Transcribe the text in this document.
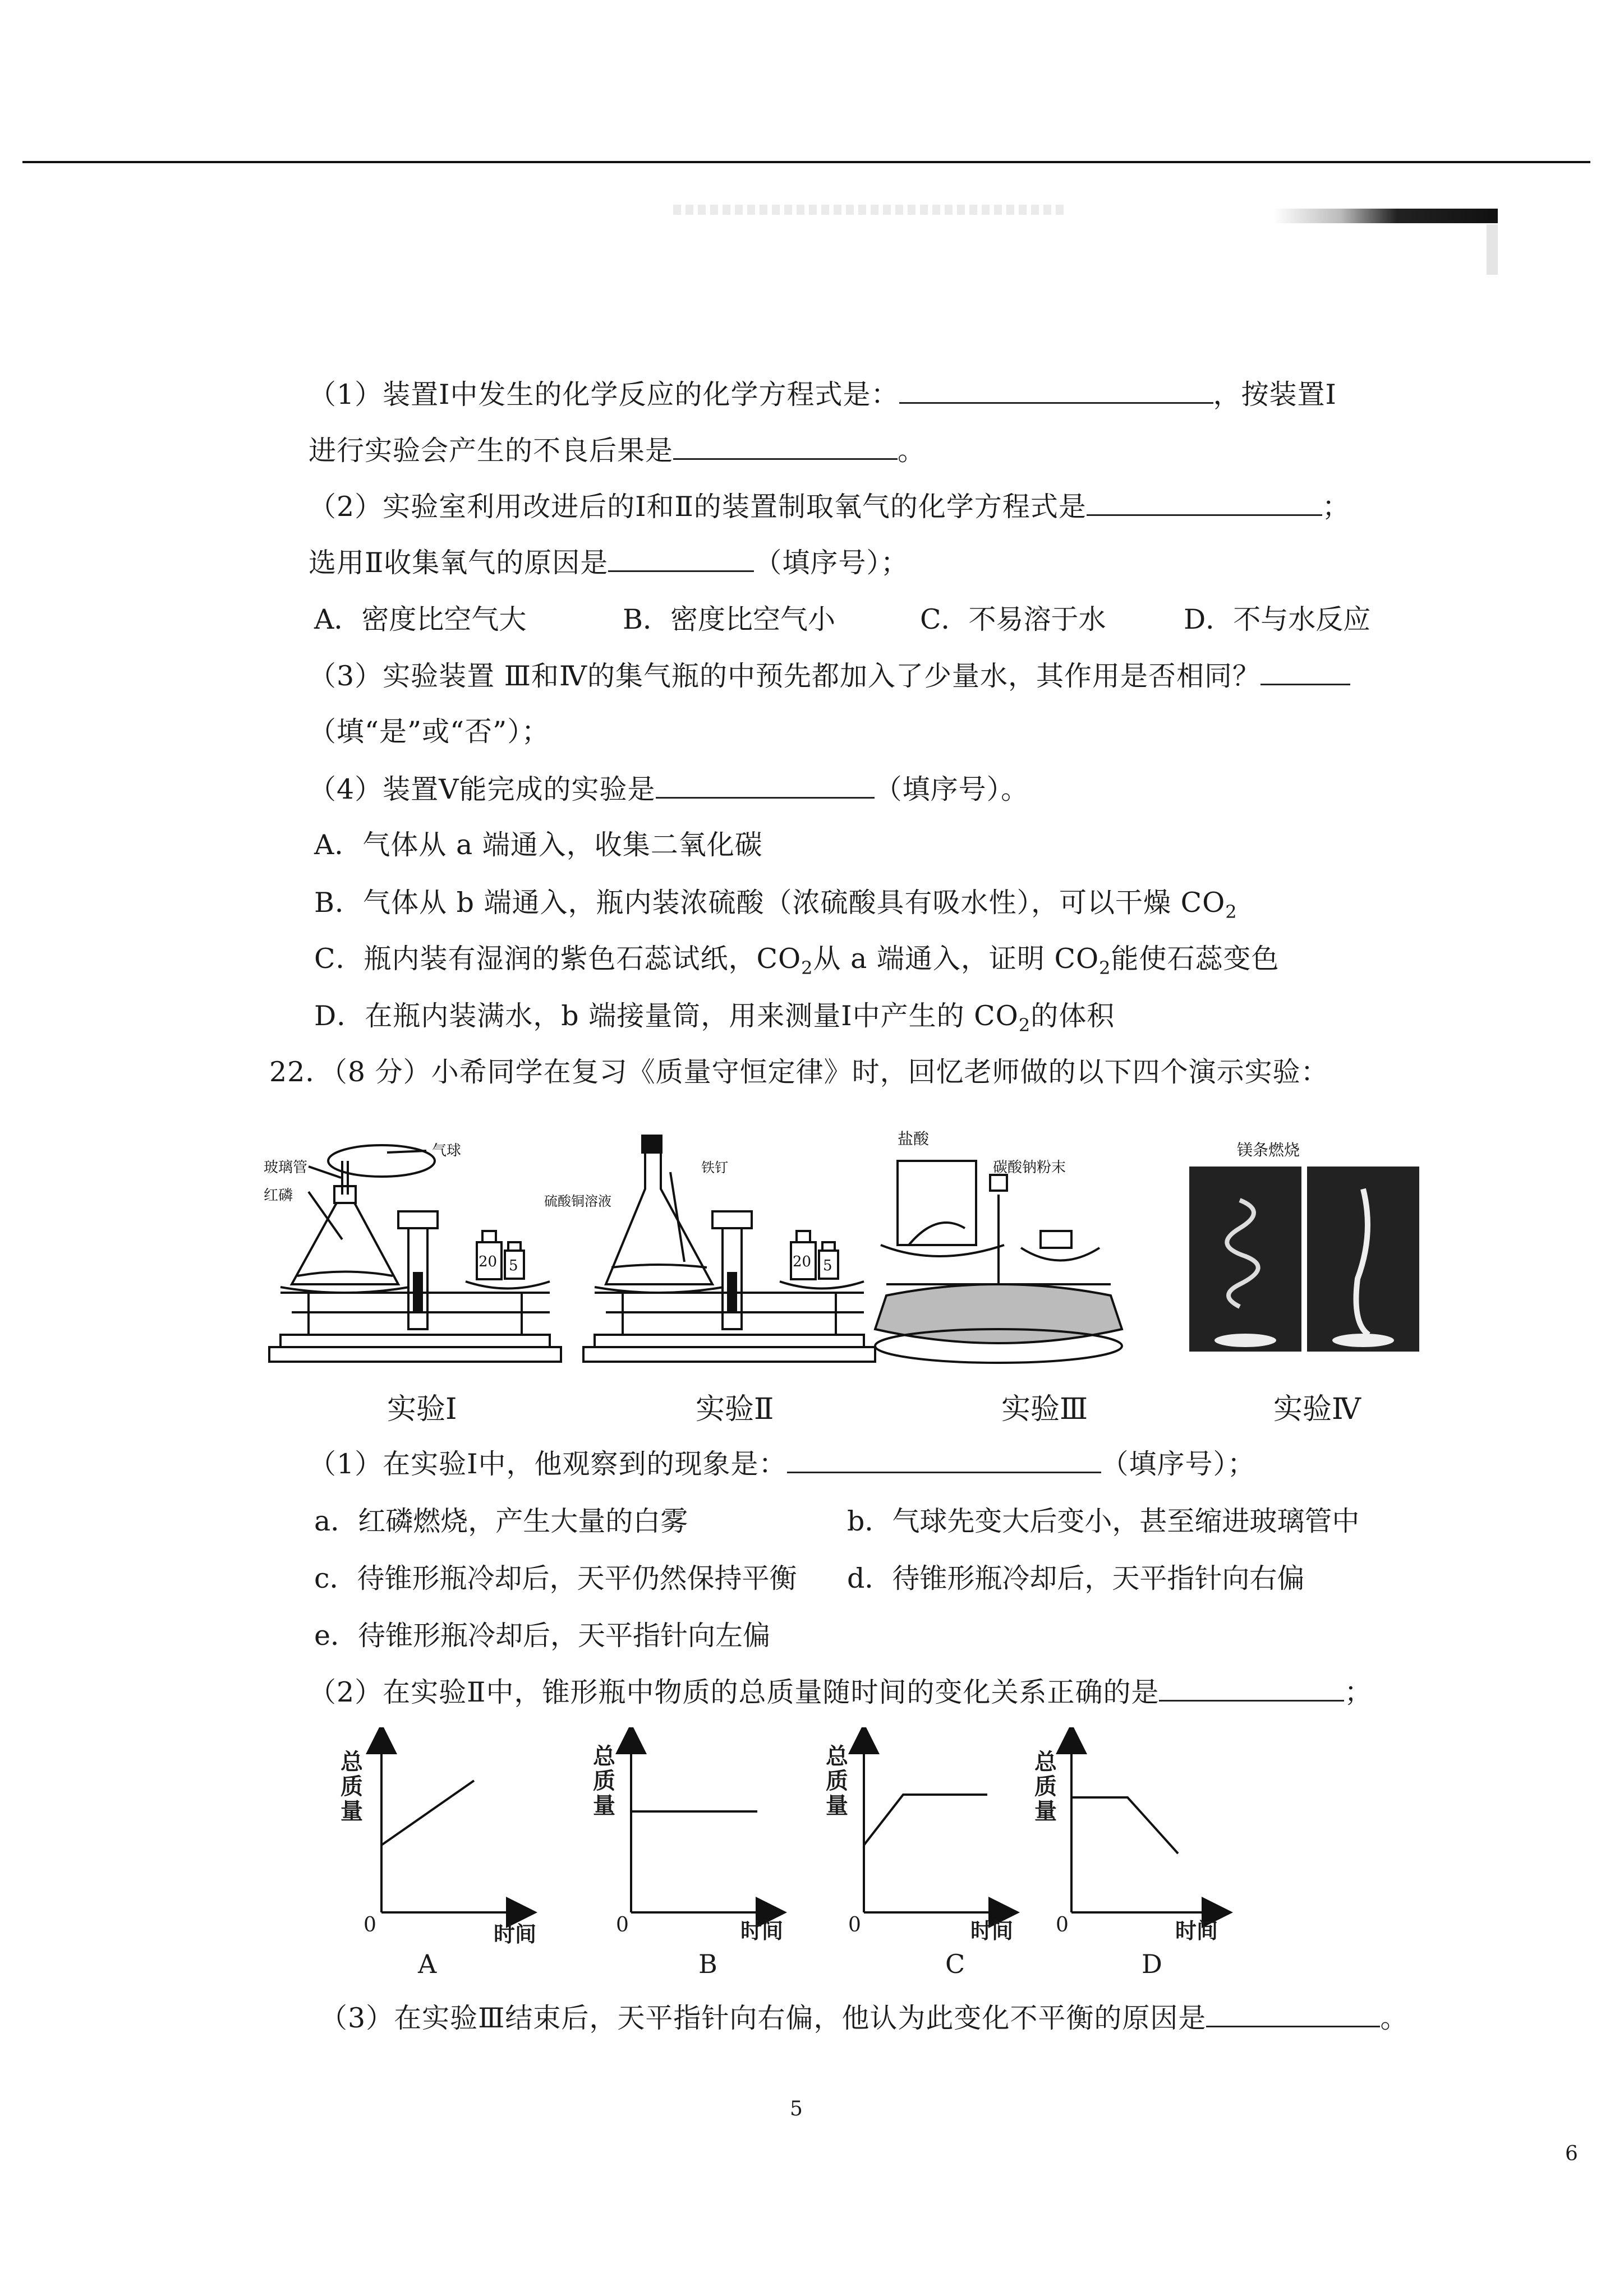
（1）装置Ⅰ中发生的化学反应的化学方程式是：	，按装置Ⅰ
进行实验会产生的不良后果是	。
（2）实验室利用改进后的Ⅰ和Ⅱ的装置制取氧气的化学方程式是	；
选用Ⅱ收集氧气的原因是	（填序号）；
A．密度比空气大	B．密度比空气小	C．不易溶于水	D．不与水反应
（3）实验装置 Ⅲ和Ⅳ的集气瓶的中预先都加入了少量水，其作用是否相同？
（填“是”或“否”）；
（4）装置Ⅴ能完成的实验是	（填序号）。
A．气体从 a 端通入，收集二氧化碳
B．气体从 b 端通入，瓶内装浓硫酸（浓硫酸具有吸水性），可以干燥 $CO_2$
C．瓶内装有湿润的紫色石蕊试纸，$CO_2$从 a 端通入，证明 $CO_2$能使石蕊变色
D．在瓶内装满水，b 端接量筒，用来测量Ⅰ中产生的 $CO_2$的体积
22．（8 分）小希同学在复习《质量守恒定律》时，回忆老师做的以下四个演示实验：
玻璃管
红磷
气球
20 5
硫酸铜溶液
铁钉
20 5
盐酸
碳酸钠粉末
镁条燃烧
实验Ⅰ	实验Ⅱ	实验Ⅲ	实验Ⅳ
（1）在实验Ⅰ中，他观察到的现象是：	（填序号）；
a．红磷燃烧，产生大量的白雾	b．气球先变大后变小，甚至缩进玻璃管中
c．待锥形瓶冷却后，天平仍然保持平衡 d．待锥形瓶冷却后，天平指针向右偏
e．待锥形瓶冷却后，天平指针向左偏
（2）在实验Ⅱ中，锥形瓶中物质的总质量随时间的变化关系正确的是	；
总质量
总质量
总质量
总质量
0	0	0	0
时间	时间	时间	时间
A	B	C	D
（3）在实验Ⅲ结束后，天平指针向右偏，他认为此变化不平衡的原因是	。
5
6
